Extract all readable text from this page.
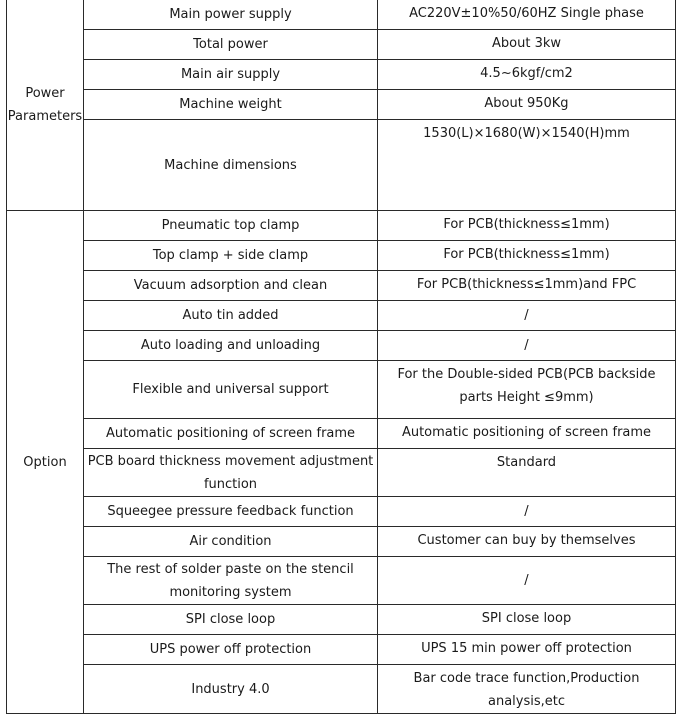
Power Parameters	Main power supply	AC220V±10%50/60HZ Single phase
	Total power	About 3kw
	Main air supply	4.5~6kgf/cm2
	Machine weight	About 950Kg
	Machine dimensions	1530(L)×1680(W)×1540(H)mm
Option	Pneumatic top clamp	For PCB(thickness≤1mm)
	Top clamp + side clamp	For PCB(thickness≤1mm)
	Vacuum adsorption and clean	For PCB(thickness≤1mm)and FPC
	Auto tin added	/
	Auto loading and unloading	/
	Flexible and universal support	For the Double-sided PCB(PCB backside parts Height ≤9mm)
	Automatic positioning of screen frame	Automatic positioning of screen frame
	PCB board thickness movement adjustment function	Standard
	Squeegee pressure feedback function	/
	Air condition	Customer can buy by themselves
	The rest of solder paste on the stencil monitoring system	/
	SPI close loop	SPI close loop
	UPS power off protection	UPS 15 min power off protection
	Industry 4.0	Bar code trace function,Production analysis,etc
